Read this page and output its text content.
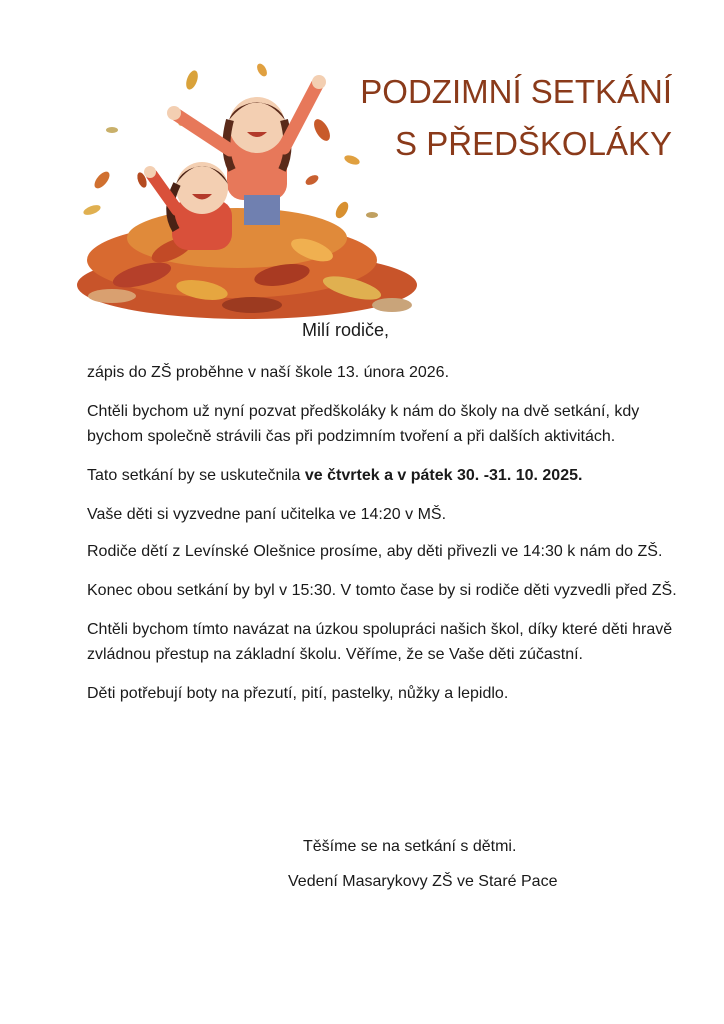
PODZIMNÍ SETKÁNÍ
S PŘEDŠKOLÁKY
Milí rodiče,

zápis do ZŠ proběhne v naší škole 13. února 2026.

Chtěli bychom už nyní pozvat předškoláky k nám do školy na dvě setkání, kdy bychom společně strávili čas při podzimním tvoření a při dalších aktivitách.

Tato setkání by se uskutečnila ve čtvrtek a v pátek 30. -31. 10. 2025.

Vaše děti si vyzvedne paní učitelka ve 14:20 v MŠ.

Rodiče dětí z Levínské Olešnice prosíme, aby děti přivezli ve 14:30 k nám do ZŠ.

Konec obou setkání by byl v 15:30. V tomto čase by si rodiče děti vyzvedli před ZŠ.

Chtěli bychom tímto navázat na úzkou spolupráci našich škol, díky které děti hravě zvládnou přestup na základní školu. Věříme, že se Vaše děti zúčastní.

Děti potřebují boty na přezutí, pití, pastelky, nůžky a lepidlo.

Těšíme se na setkání s dětmi.
Vedení Masarykovy ZŠ ve Staré Pace
